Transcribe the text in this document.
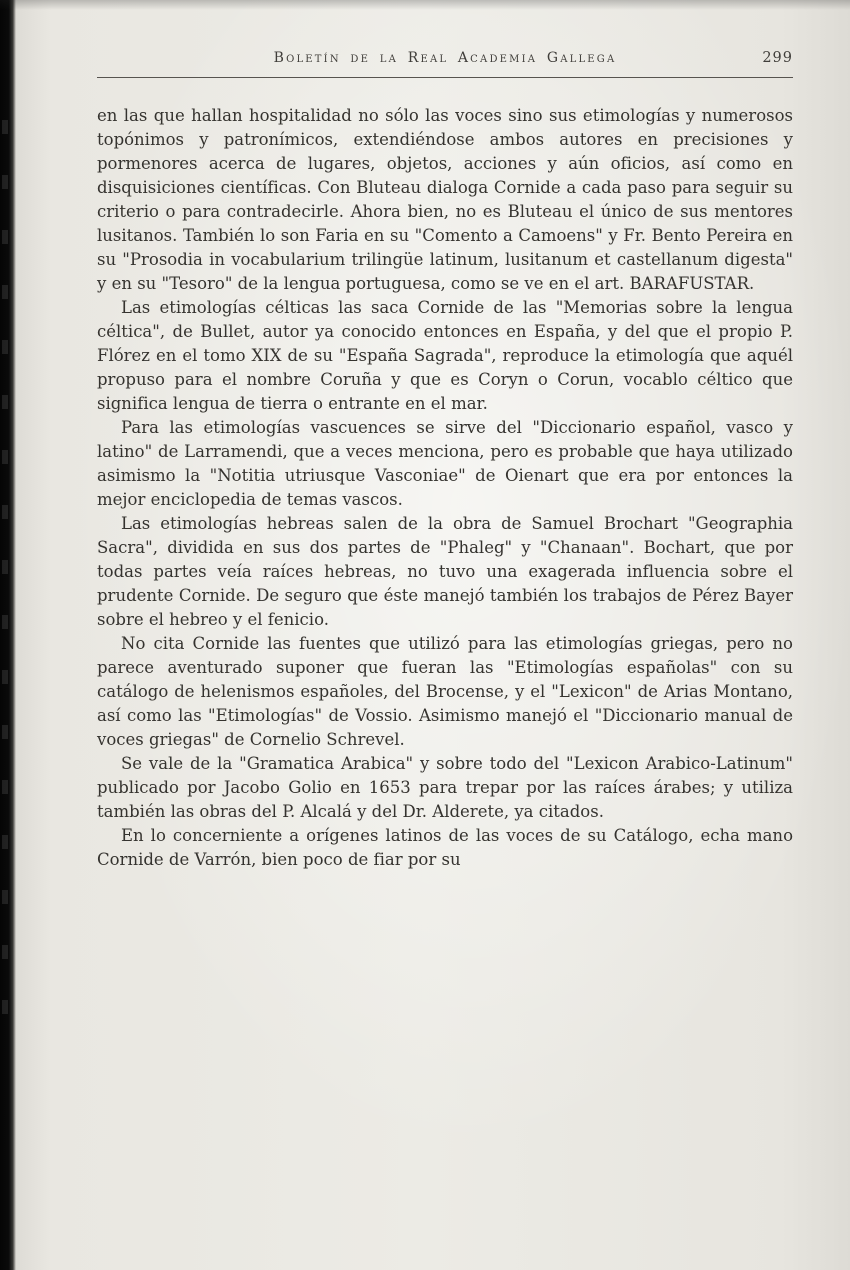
Boletín de la Real Academia Gallega	299

en las que hallan hospitalidad no sólo las voces sino sus etimologías y numerosos topónimos y patronímicos, extendiéndose ambos autores en precisiones y pormenores acerca de lugares, objetos, acciones y aún oficios, así como en disquisiciones científicas. Con Bluteau dialoga Cornide a cada paso para seguir su criterio o para contradecirle. Ahora bien, no es Bluteau el único de sus mentores lusitanos. También lo son Faria en su "Comento a Camoens" y Fr. Bento Pereira en su "Prosodia in vocabularium trilingüe latinum, lusitanum et castellanum digesta" y en su "Tesoro" de la lengua portuguesa, como se ve en el art. BARAFUSTAR.

Las etimologías célticas las saca Cornide de las "Memorias sobre la lengua céltica", de Bullet, autor ya conocido entonces en España, y del que el propio P. Flórez en el tomo XIX de su "España Sagrada", reproduce la etimología que aquél propuso para el nombre Coruña y que es Coryn o Corun, vocablo céltico que significa lengua de tierra o entrante en el mar.

Para las etimologías vascuences se sirve del "Diccionario español, vasco y latino" de Larramendi, que a veces menciona, pero es probable que haya utilizado asimismo la "Notitia utriusque Vasconiae" de Oienart que era por entonces la mejor enciclopedia de temas vascos.

Las etimologías hebreas salen de la obra de Samuel Brochart "Geographia Sacra", dividida en sus dos partes de "Phaleg" y "Chanaan". Bochart, que por todas partes veía raíces hebreas, no tuvo una exagerada influencia sobre el prudente Cornide. De seguro que éste manejó también los trabajos de Pérez Bayer sobre el hebreo y el fenicio.

No cita Cornide las fuentes que utilizó para las etimologías griegas, pero no parece aventurado suponer que fueran las "Etimologías españolas" con su catálogo de helenismos españoles, del Brocense, y el "Lexicon" de Arias Montano, así como las "Etimologías" de Vossio. Asimismo manejó el "Diccionario manual de voces griegas" de Cornelio Schrevel.

Se vale de la "Gramatica Arabica" y sobre todo del "Lexicon Arabico-Latinum" publicado por Jacobo Golio en 1653 para trepar por las raíces árabes; y utiliza también las obras del P. Alcalá y del Dr. Alderete, ya citados.

En lo concerniente a orígenes latinos de las voces de su Catálogo, echa mano Cornide de Varrón, bien poco de fiar por su
